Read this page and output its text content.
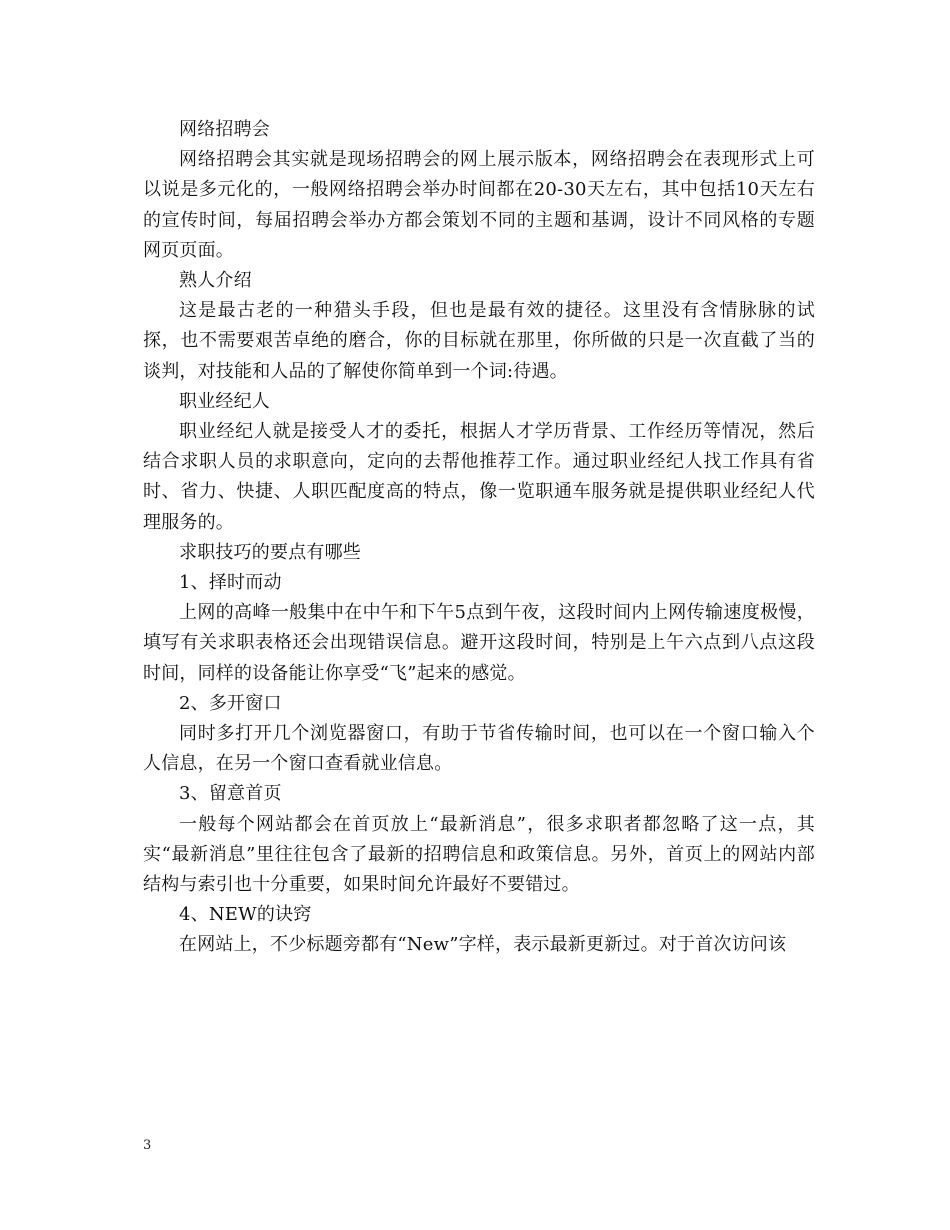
网络招聘会

网络招聘会其实就是现场招聘会的网上展示版本，网络招聘会在表现形式上可以说是多元化的，一般网络招聘会举办时间都在20-30天左右，其中包括10天左右的宣传时间，每届招聘会举办方都会策划不同的主题和基调，设计不同风格的专题网页页面。

熟人介绍

这是最古老的一种猎头手段，但也是最有效的捷径。这里没有含情脉脉的试探，也不需要艰苦卓绝的磨合，你的目标就在那里，你所做的只是一次直截了当的谈判，对技能和人品的了解使你简单到一个词:待遇。

职业经纪人

职业经纪人就是接受人才的委托，根据人才学历背景、工作经历等情况，然后结合求职人员的求职意向，定向的去帮他推荐工作。通过职业经纪人找工作具有省时、省力、快捷、人职匹配度高的特点，像一览职通车服务就是提供职业经纪人代理服务的。

求职技巧的要点有哪些

1、择时而动

上网的高峰一般集中在中午和下午5点到午夜，这段时间内上网传输速度极慢，填写有关求职表格还会出现错误信息。避开这段时间，特别是上午六点到八点这段时间，同样的设备能让你享受“飞”起来的感觉。

2、多开窗口

同时多打开几个浏览器窗口，有助于节省传输时间，也可以在一个窗口输入个人信息，在另一个窗口查看就业信息。

3、留意首页

一般每个网站都会在首页放上“最新消息”，很多求职者都忽略了这一点，其实“最新消息”里往往包含了最新的招聘信息和政策信息。另外，首页上的网站内部结构与索引也十分重要，如果时间允许最好不要错过。

4、NEW的诀窍

在网站上，不少标题旁都有“New”字样，表示最新更新过。对于首次访问该

3
